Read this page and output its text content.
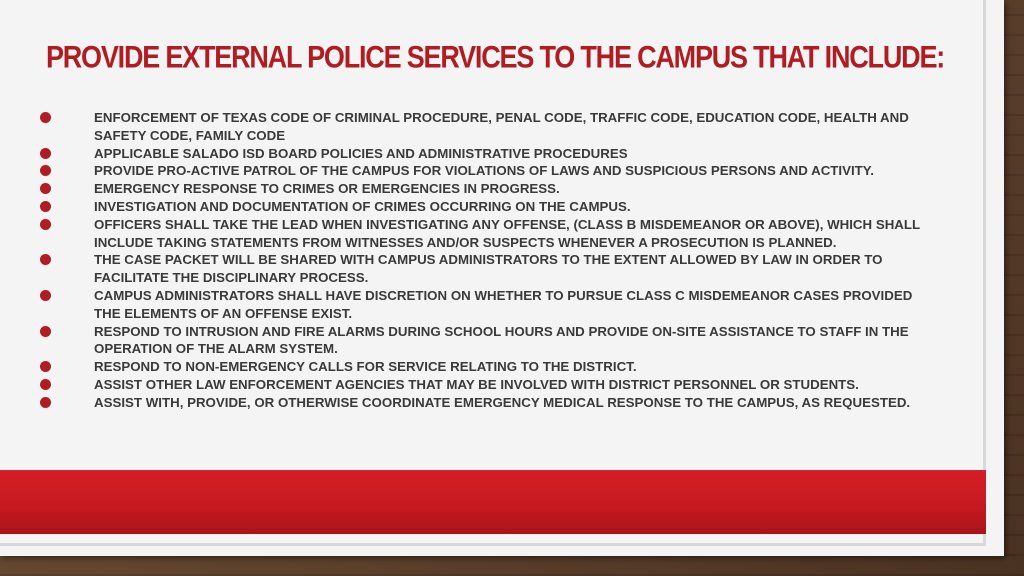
PROVIDE EXTERNAL POLICE SERVICES TO THE CAMPUS THAT INCLUDE:
ENFORCEMENT OF TEXAS CODE OF CRIMINAL PROCEDURE, PENAL CODE, TRAFFIC CODE, EDUCATION CODE, HEALTH AND SAFETY CODE, FAMILY CODE
APPLICABLE SALADO ISD BOARD POLICIES AND ADMINISTRATIVE PROCEDURES
PROVIDE PRO-ACTIVE PATROL OF THE CAMPUS FOR VIOLATIONS OF LAWS AND SUSPICIOUS PERSONS AND ACTIVITY.
EMERGENCY RESPONSE TO CRIMES OR EMERGENCIES IN PROGRESS.
INVESTIGATION AND DOCUMENTATION OF CRIMES OCCURRING ON THE CAMPUS.
OFFICERS SHALL TAKE THE LEAD WHEN INVESTIGATING ANY OFFENSE, (CLASS B MISDEMEANOR OR ABOVE), WHICH SHALL INCLUDE TAKING STATEMENTS FROM WITNESSES AND/OR SUSPECTS WHENEVER A PROSECUTION IS PLANNED.
THE CASE PACKET WILL BE SHARED WITH CAMPUS ADMINISTRATORS TO THE EXTENT ALLOWED BY LAW IN ORDER TO FACILITATE THE DISCIPLINARY PROCESS.
CAMPUS ADMINISTRATORS SHALL HAVE DISCRETION ON WHETHER TO PURSUE CLASS C MISDEMEANOR CASES PROVIDED THE ELEMENTS OF AN OFFENSE EXIST.
RESPOND TO INTRUSION AND FIRE ALARMS DURING SCHOOL HOURS AND PROVIDE ON-SITE ASSISTANCE TO STAFF IN THE OPERATION OF THE ALARM SYSTEM.
RESPOND TO NON-EMERGENCY CALLS FOR SERVICE RELATING TO THE DISTRICT.
ASSIST OTHER LAW ENFORCEMENT AGENCIES THAT MAY BE INVOLVED WITH DISTRICT PERSONNEL OR STUDENTS.
ASSIST WITH, PROVIDE, OR OTHERWISE COORDINATE EMERGENCY MEDICAL RESPONSE TO THE CAMPUS, AS REQUESTED.
